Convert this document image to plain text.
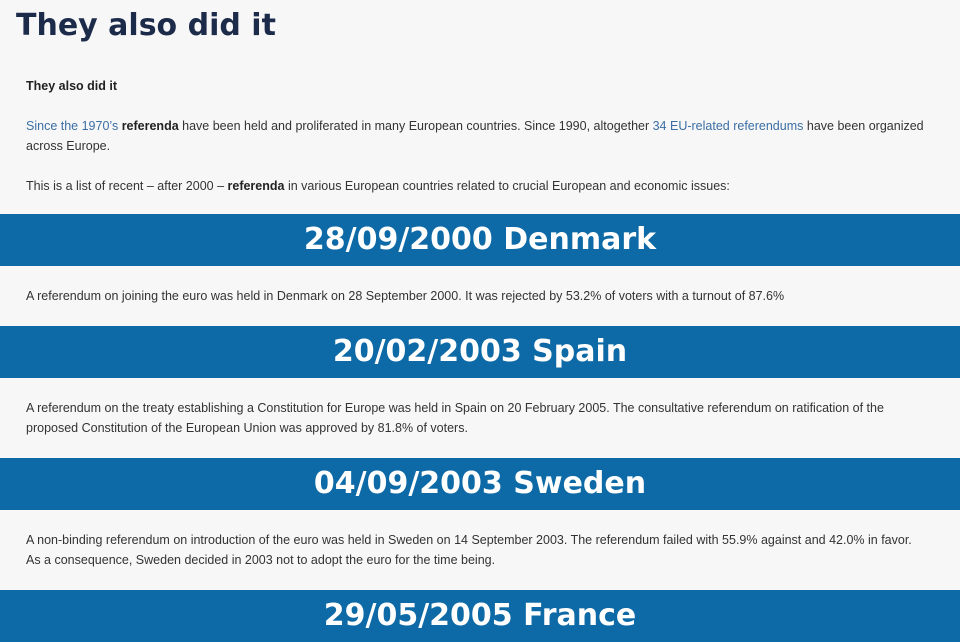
They also did it
They also did it

Since the 1970’s referenda have been held and proliferated in many European countries. Since 1990, altogether 34 EU-related referendums have been organized across Europe.

This is a list of recent – after 2000 – referenda in various European countries related to crucial European and economic issues:

28/09/2000 Denmark

A referendum on joining the euro was held in Denmark on 28 September 2000. It was rejected by 53.2% of voters with a turnout of 87.6%

20/02/2003 Spain

A referendum on the treaty establishing a Constitution for Europe was held in Spain on 20 February 2005. The consultative referendum on ratification of the proposed Constitution of the European Union was approved by 81.8% of voters.

04/09/2003 Sweden

A non-binding referendum on introduction of the euro was held in Sweden on 14 September 2003. The referendum failed with 55.9% against and 42.0% in favor. As a consequence, Sweden decided in 2003 not to adopt the euro for the time being.

29/05/2005 France
